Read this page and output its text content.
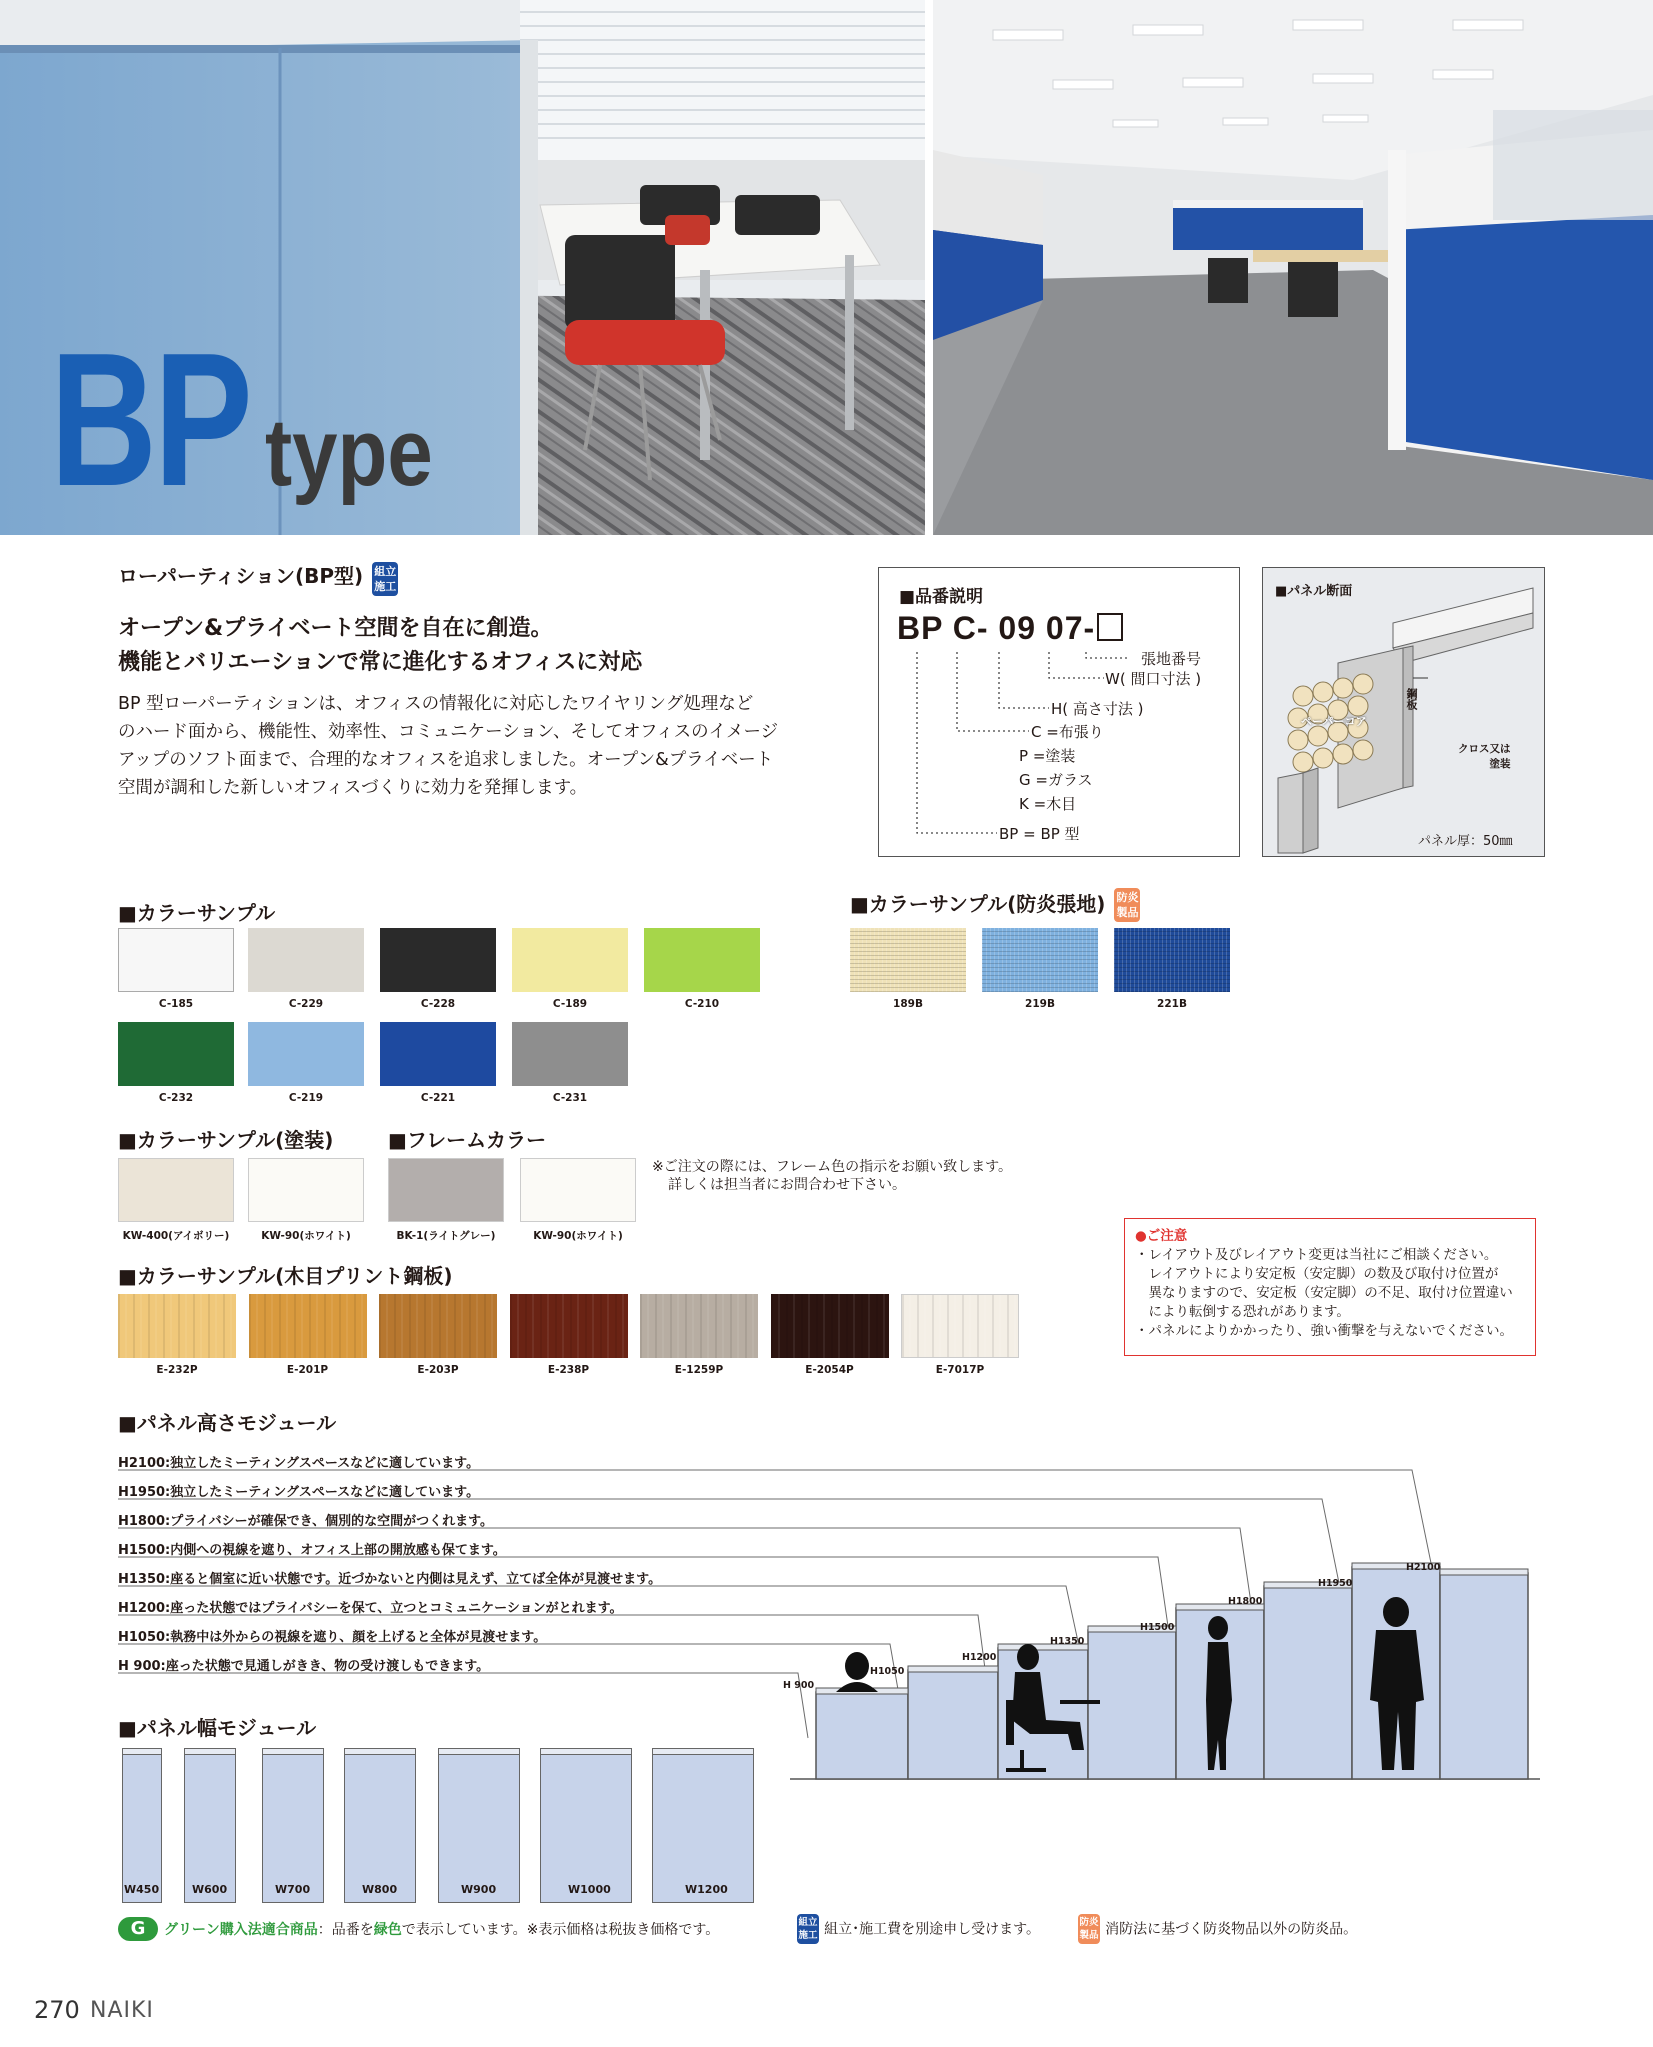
BP type
ローパーティション(BP型) 組立
施工
オープン&プライベート空間を自在に創造。
機能とバリエーションで常に進化するオフィスに対応
BP 型ローパーティションは、オフィスの情報化に対応したワイヤリング処理など
のハード面から、機能性、効率性、コミュニケーション、そしてオフィスのイメージ
アップのソフト面まで、合理的なオフィスを追求しました。オープン&プライベート
空間が調和した新しいオフィスづくりに効力を発揮します。
■品番説明
BP C- 09 07-
張地番号
W( 間口寸法 )
H( 高さ寸法 )
C =布張り
P =塗装
G =ガラス
K =木目
BP = BP 型
■パネル断面
鋼板
ペーパーコア
クロス又は
塗装
パネル厚：50㎜
■カラーサンプル
C-185	C-229	C-228	C-189	C-210
C-232	C-219	C-221	C-231
■カラーサンプル(防炎張地) 防炎
製品
189B	219B	221B
■カラーサンプル(塗装)	■フレームカラー
KW-400(アイボリー)	KW-90(ホワイト)	BK-1(ライトグレー)	KW-90(ホワイト)
※ご注文の際には、フレーム色の指示をお願い致します。
詳しくは担当者にお問合わせ下さい。
■カラーサンプル(木目プリント鋼板)
E-232P	E-201P	E-203P	E-238P	E-1259P	E-2054P	E-7017P
●ご注意
・レイアウト及びレイアウト変更は当社にご相談ください。
　レイアウトにより安定板（安定脚）の数及び取付け位置が
　異なりますので、安定板（安定脚）の不足、取付け位置違い
　により転倒する恐れがあります。
・パネルによりかかったり、強い衝撃を与えないでください。
■パネル高さモジュール
H2100:独立したミーティングスペースなどに適しています。
H1950:独立したミーティングスペースなどに適しています。
H1800:プライバシーが確保でき、個別的な空間がつくれます。
H1500:内側への視線を遮り、オフィス上部の開放感も保てます。
H1350:座ると個室に近い状態です。近づかないと内側は見えず、立てば全体が見渡せます。
H1200:座った状態ではプライバシーを保て、立つとコミュニケーションがとれます。
H1050:執務中は外からの視線を遮り、顔を上げると全体が見渡せます。
H 900:座った状態で見通しがきき、物の受け渡しもできます。
H 900
H1050
H1200
H1350
H1500
H1800
H1950
H2100
■パネル幅モジュール
W450	W600	W700	W800	W900	W1000	W1200
G	グリーン購入法適合商品：品番を緑色で表示しています。※表示価格は税抜き価格です。	組立
施工 組立･施工費を別途申し受けます。	防炎
製品 消防法に基づく防炎物品以外の防炎品。
270 NAIKI
